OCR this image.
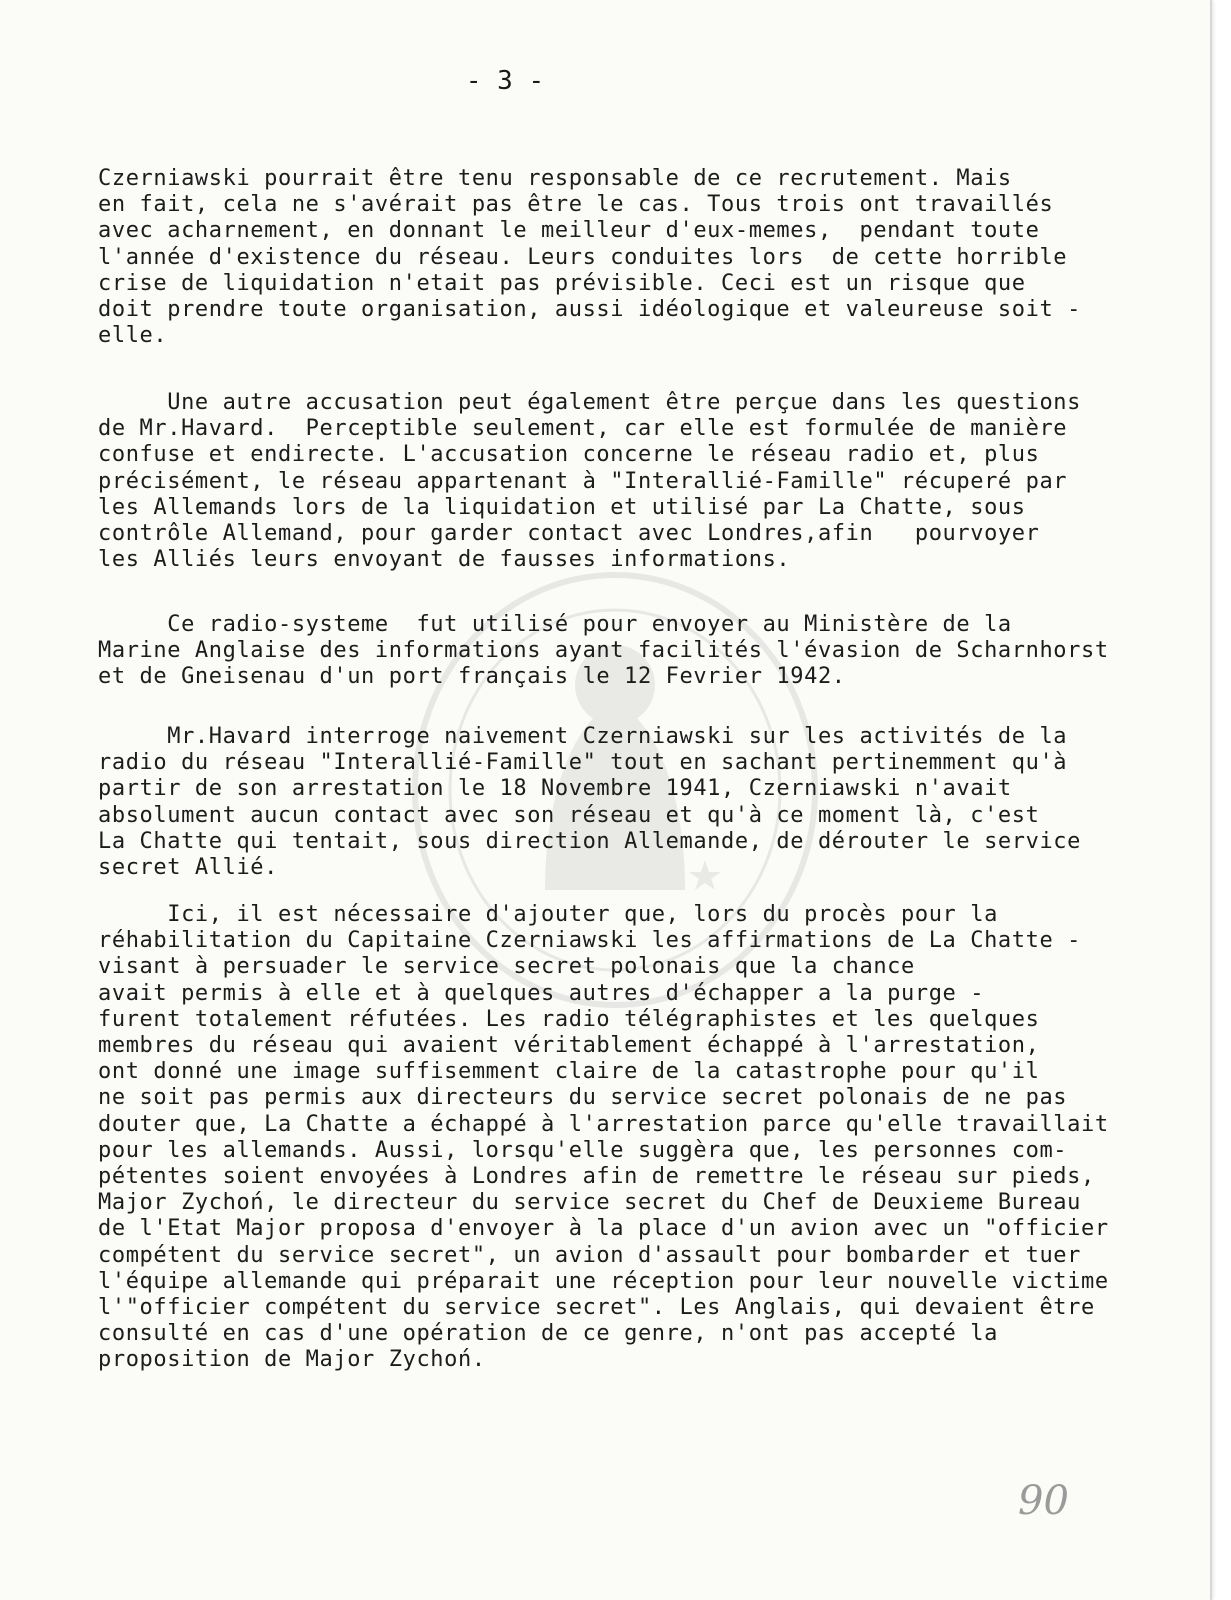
- 3 -
Czerniawski pourrait être tenu responsable de ce recrutement. Mais
en fait, cela ne s'avérait pas être le cas. Tous trois ont travaillés
avec acharnement, en donnant le meilleur d'eux-memes,  pendant toute
l'année d'existence du réseau. Leurs conduites lors  de cette horrible
crise de liquidation n'etait pas prévisible. Ceci est un risque que
doit prendre toute organisation, aussi idéologique et valeureuse soit -
elle.
Une autre accusation peut également être perçue dans les questions
de Mr.Havard.  Perceptible seulement, car elle est formulée de manière
confuse et endirecte. L'accusation concerne le réseau radio et, plus
précisément, le réseau appartenant à "Interallié-Famille" récuperé par
les Allemands lors de la liquidation et utilisé par La Chatte, sous
contrôle Allemand, pour garder contact avec Londres,afin   pourvoyer
les Alliés leurs envoyant de fausses informations.
Ce radio-systeme  fut utilisé pour envoyer au Ministère de la
Marine Anglaise des informations ayant facilités l'évasion de Scharnhorst
et de Gneisenau d'un port français le 12 Fevrier 1942.
Mr.Havard interroge naivement Czerniawski sur les activités de la
radio du réseau "Interallié-Famille" tout en sachant pertinemment qu'à
partir de son arrestation le 18 Novembre 1941, Czerniawski n'avait
absolument aucun contact avec son réseau et qu'à ce moment là, c'est
La Chatte qui tentait, sous direction Allemande, de dérouter le service
secret Allié.
Ici, il est nécessaire d'ajouter que, lors du procès pour la
réhabilitation du Capitaine Czerniawski les affirmations de La Chatte -
visant à persuader le service secret polonais que la chance
avait permis à elle et à quelques autres d'échapper a la purge -
furent totalement réfutées. Les radio télégraphistes et les quelques
membres du réseau qui avaient véritablement échappé à l'arrestation,
ont donné une image suffisemment claire de la catastrophe pour qu'il
ne soit pas permis aux directeurs du service secret polonais de ne pas
douter que, La Chatte a échappé à l'arrestation parce qu'elle travaillait
pour les allemands. Aussi, lorsqu'elle suggèra que, les personnes com-
pétentes soient envoyées à Londres afin de remettre le réseau sur pieds,
Major Zychoń, le directeur du service secret du Chef de Deuxieme Bureau
de l'Etat Major proposa d'envoyer à la place d'un avion avec un "officier
compétent du service secret", un avion d'assault pour bombarder et tuer
l'équipe allemande qui préparait une réception pour leur nouvelle victime
l'"officier compétent du service secret". Les Anglais, qui devaient être
consulté en cas d'une opération de ce genre, n'ont pas accepté la
proposition de Major Zychoń.
90
